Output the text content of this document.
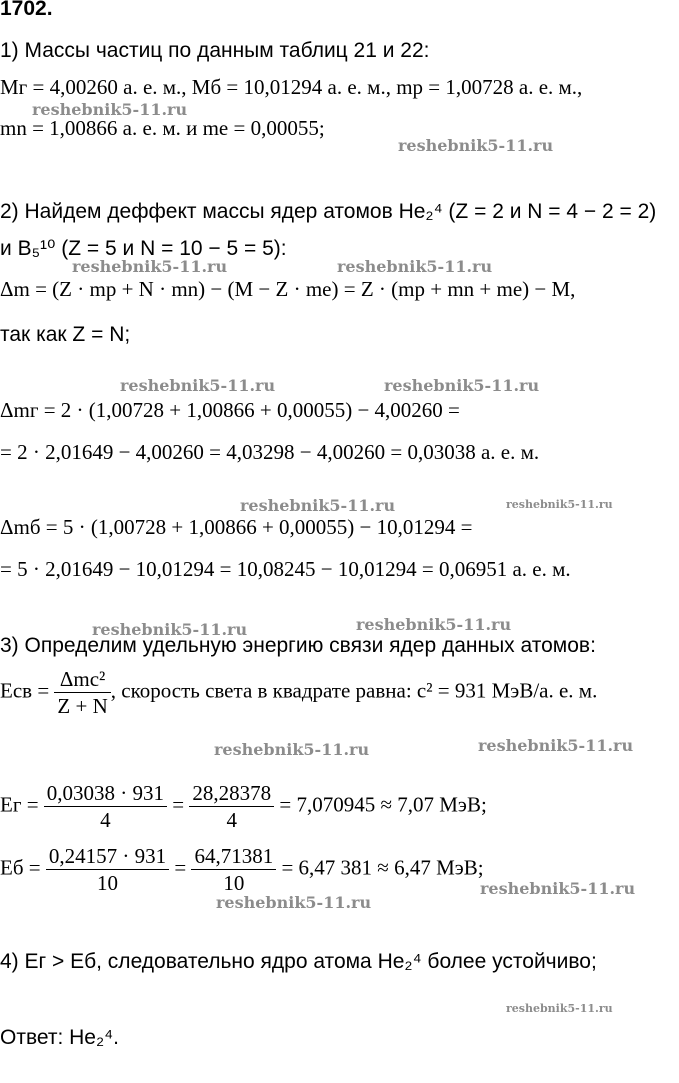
1702.
1) Массы частиц по данным таблиц 21 и 22:
Mг = 4,00260 а. е. м., Mб = 10,01294 а. е. м., mp = 1,00728 а. е. м.,
mn = 1,00866 а. е. м. и me = 0,00055;
2) Найдем деффект массы ядер атомов He₂⁴ (Z = 2 и N = 4 − 2 = 2)
и B₅¹⁰ (Z = 5 и N = 10 − 5 = 5):
Δm = (Z · mp + N · mn) − (M − Z · me) = Z · (mp + mn + me) − M,
так как Z = N;
Δmг = 2 · (1,00728 + 1,00866 + 0,00055) − 4,00260 =
= 2 · 2,01649 − 4,00260 = 4,03298 − 4,00260 = 0,03038 а. е. м.
Δmб = 5 · (1,00728 + 1,00866 + 0,00055) − 10,01294 =
= 5 · 2,01649 − 10,01294 = 10,08245 − 10,01294 = 0,06951 а. е. м.
3) Определим удельную энергию связи ядер данных атомов:
Eсв = $\frac{\text{Δmc²}}{Z + N}$ , скорость света в квадрате равна: c² = 931 МэВ/а. е. м.
Eг = $\frac{0,03038 \cdot 931}{4} = \frac{28,28378}{4} = 7,070945 \approx 7,07$ МэВ;
Eб = $\frac{0,24157 \cdot 931}{10} = \frac{64,71381}{10} = 6,47$ 381 ≈ 6,47 МэВ;
4) Eг > Eб, следовательно ядро атома He₂⁴ более устойчиво;
Ответ: He₂⁴.
reshebnik5-11.ru
reshebnik5-11.ru
reshebnik5-11.ru	reshebnik5-11.ru
reshebnik5-11.ru	reshebnik5-11.ru
reshebnik5-11.ru	reshebnik5-11.ru
reshebnik5-11.ru	reshebnik5-11.ru
reshebnik5-11.ru	reshebnik5-11.ru
reshebnik5-11.ru
reshebnik5-11.ru
reshebnik5-11.ru
